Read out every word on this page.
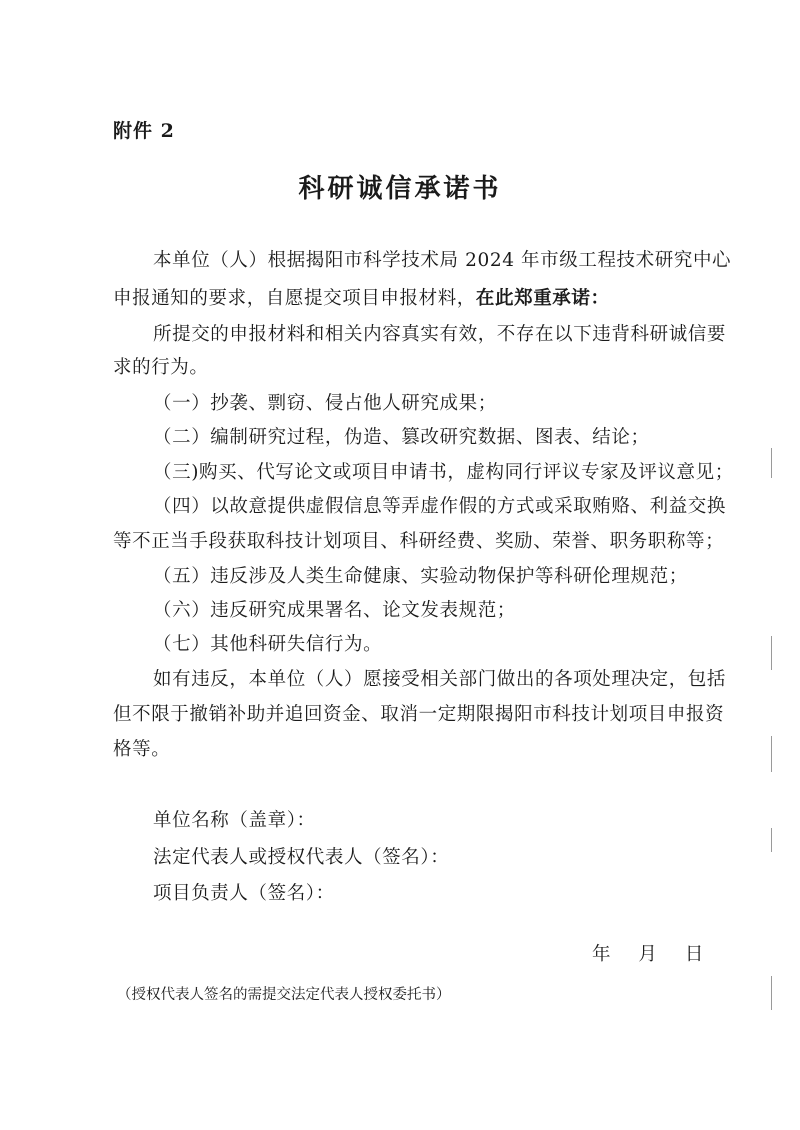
附件 2
科研诚信承诺书
本单位（人）根据揭阳市科学技术局 2024 年市级工程技术研究中心
申报通知的要求，自愿提交项目申报材料，在此郑重承诺：
所提交的申报材料和相关内容真实有效，不存在以下违背科研诚信要
求的行为。
（一）抄袭、剽窃、侵占他人研究成果；
（二）编制研究过程，伪造、篡改研究数据、图表、结论；
（三)购买、代写论文或项目申请书，虚构同行评议专家及评议意见；
（四）以故意提供虚假信息等弄虚作假的方式或采取贿赂、利益交换
等不正当手段获取科技计划项目、科研经费、奖励、荣誉、职务职称等；
（五）违反涉及人类生命健康、实验动物保护等科研伦理规范；
（六）违反研究成果署名、论文发表规范；
（七）其他科研失信行为。
如有违反，本单位（人）愿接受相关部门做出的各项处理决定，包括
但不限于撤销补助并追回资金、取消一定期限揭阳市科技计划项目申报资
格等。
单位名称（盖章）：
法定代表人或授权代表人（签名）：
项目负责人（签名）：
年 月 日
（授权代表人签名的需提交法定代表人授权委托书）
